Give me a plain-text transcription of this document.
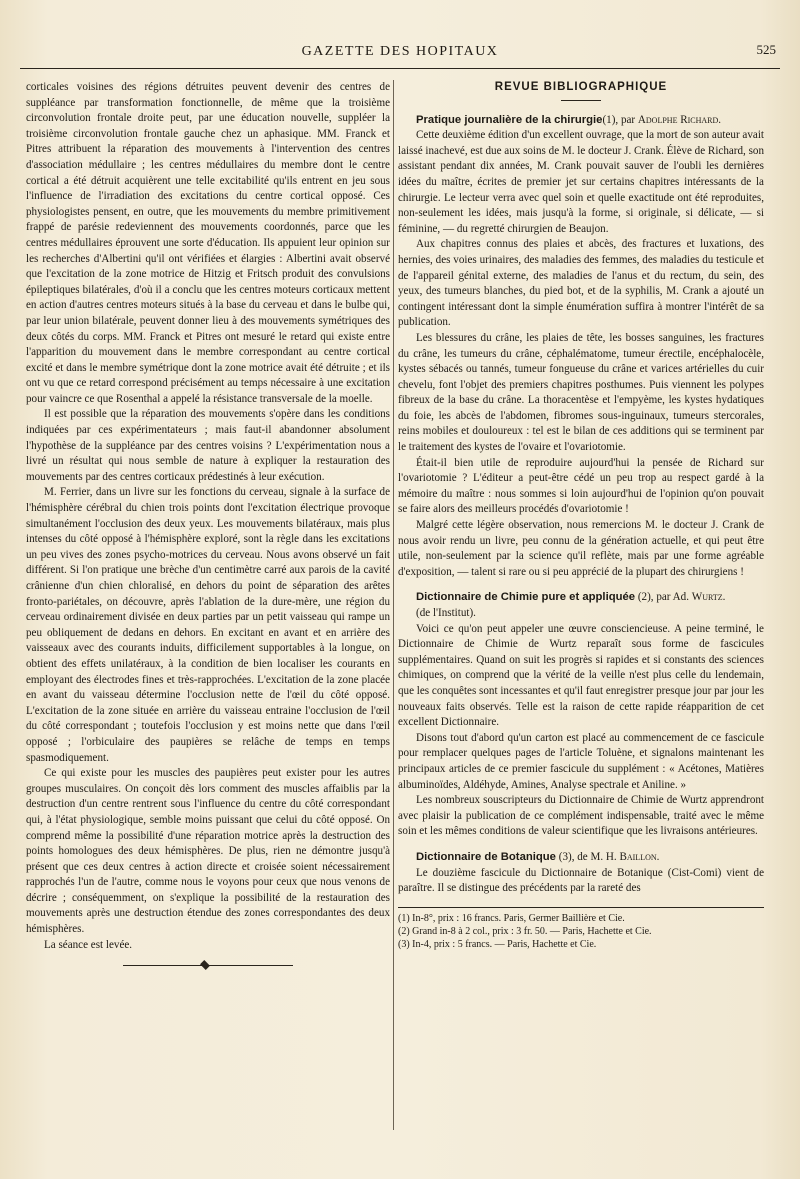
GAZETTE DES HOPITAUX	525

corticales voisines des régions détruites peuvent devenir des centres de suppléance par transformation fonctionnelle, de même que la troisième circonvolution frontale droite peut, par une éducation nouvelle, suppléer la troisième circonvolution frontale gauche chez un aphasique. MM. Franck et Pitres attribuent la réparation des mouvements à l'intervention des centres d'association médullaire ; les centres médullaires du membre dont le centre cortical a été détruit acquièrent une telle excitabilité qu'ils entrent en jeu sous l'influence de l'irradiation des excitations du centre cortical opposé. Ces physiologistes pensent, en outre, que les mouvements du membre primitivement frappé de parésie redeviennent des mouvements coordonnés, parce que les centres médullaires éprouvent une sorte d'éducation. Ils appuient leur opinion sur les recherches d'Albertini qu'il ont vérifiées et élargies : Albertini avait observé que l'excitation de la zone motrice de Hitzig et Fritsch produit des convulsions épileptiques bilatérales, d'où il a conclu que les centres moteurs corticaux mettent en action d'autres centres moteurs situés à la base du cerveau et dans le bulbe qui, par leur union bilatérale, peuvent donner lieu à des mouvements symétriques des deux côtés du corps. MM. Franck et Pitres ont mesuré le retard qui existe entre l'apparition du mouvement dans le membre correspondant au centre cortical excité et dans le membre symétrique dont la zone motrice avait été détruite ; et ils ont vu que ce retard correspond précisément au temps nécessaire à une excitation pour vaincre ce que Rosenthal a appelé la résistance transversale de la moelle.

Il est possible que la réparation des mouvements s'opère dans les conditions indiquées par ces expérimentateurs ; mais faut-il abandonner absolument l'hypothèse de la suppléance par des centres voisins ? L'expérimentation nous a livré un résultat qui nous semble de nature à expliquer la restauration des mouvements par des centres corticaux prédestinés à leur exécution.

M. Ferrier, dans un livre sur les fonctions du cerveau, signale à la surface de l'hémisphère cérébral du chien trois points dont l'excitation électrique provoque simultanément l'occlusion des deux yeux. Les mouvements bilatéraux, mais plus intenses du côté opposé à l'hémisphère exploré, sont la règle dans les excitations un peu vives des zones psycho-motrices du cerveau. Nous avons observé un fait différent. Si l'on pratique une brèche d'un centimètre carré aux parois de la cavité crânienne d'un chien chloralisé, en dehors du point de séparation des arêtes fronto-pariétales, on découvre, après l'ablation de la dure-mère, une région du cerveau ordinairement divisée en deux parties par un petit vaisseau qui rampe un peu obliquement de dedans en dehors. En excitant en avant et en arrière des vaisseaux avec des courants induits, difficilement supportables à la longue, on obtient des effets unilatéraux, à la condition de bien localiser les courants en employant des électrodes fines et très-rapprochées. L'excitation de la zone placée en avant du vaisseau détermine l'occlusion nette de l'œil du côté opposé. L'excitation de la zone située en arrière du vaisseau entraine l'occlusion de l'œil du côté correspondant ; toutefois l'occlusion y est moins nette que dans l'œil opposé ; l'orbiculaire des paupières se relâche de temps en temps spasmodiquement.

Ce qui existe pour les muscles des paupières peut exister pour les autres groupes musculaires. On conçoit dès lors comment des muscles affaiblis par la destruction d'un centre rentrent sous l'influence du centre du côté correspondant qui, à l'état physiologique, semble moins puissant que celui du côté opposé. On comprend même la possibilité d'une réparation motrice après la destruction des points homologues des deux hémisphères. De plus, rien ne démontre jusqu'à présent que ces deux centres à action directe et croisée soient nécessairement rapprochés l'un de l'autre, comme nous le voyons pour ceux que nous venons de décrire ; conséquemment, on s'explique la possibilité de la restauration des mouvements après une destruction étendue des zones correspondantes des deux hémisphères.

La séance est levée.

REVUE BIBLIOGRAPHIQUE

Pratique journalière de la chirurgie(1), par Adolphe Richard.

Cette deuxième édition d'un excellent ouvrage, que la mort de son auteur avait laissé inachevé, est due aux soins de M. le docteur J. Crank. Élève de Richard, son assistant pendant dix années, M. Crank pouvait sauver de l'oubli les dernières idées du maître, écrites de premier jet sur certains chapitres intéressants de la chirurgie. Le lecteur verra avec quel soin et quelle exactitude ont été reproduites, non-seulement les idées, mais jusqu'à la forme, si originale, si délicate, — si féminine, — du regretté chirurgien de Beaujon.

Aux chapitres connus des plaies et abcès, des fractures et luxations, des hernies, des voies urinaires, des maladies des femmes, des maladies du testicule et de l'appareil génital externe, des maladies de l'anus et du rectum, du sein, des yeux, des tumeurs blanches, du pied bot, et de la syphilis, M. Crank a ajouté un contingent intéressant dont la simple énumération suffira à montrer l'intérêt de sa publication.

Les blessures du crâne, les plaies de tête, les bosses sanguines, les fractures du crâne, les tumeurs du crâne, céphalématome, tumeur érectile, encéphalocèle, kystes sébacés ou tannés, tumeur fongueuse du crâne et varices artérielles du cuir chevelu, font l'objet des premiers chapitres posthumes. Puis viennent les polypes fibreux de la base du crâne. La thoracentèse et l'empyème, les kystes hydatiques du foie, les abcès de l'abdomen, fibromes sous-inguinaux, tumeurs stercorales, reins mobiles et douloureux : tel est le bilan de ces additions qui se terminent par le traitement des kystes de l'ovaire et l'ovariotomie.

Était-il bien utile de reproduire aujourd'hui la pensée de Richard sur l'ovariotomie ? L'éditeur a peut-être cédé un peu trop au respect gardé à la mémoire du maître : nous sommes si loin aujourd'hui de l'opinion qu'on pouvait se faire alors des meilleurs procédés d'ovariotomie !

Malgré cette légère observation, nous remercions M. le docteur J. Crank de nous avoir rendu un livre, peu connu de la génération actuelle, et qui peut être utile, non-seulement par la science qu'il reflète, mais par une forme agréable d'exposition, — talent si rare ou si peu apprécié de la plupart des chirurgiens !

Dictionnaire de Chimie pure et appliquée (2), par Ad. Wurtz.

(de l'Institut).

Voici ce qu'on peut appeler une œuvre consciencieuse. A peine terminé, le Dictionnaire de Chimie de Wurtz reparaît sous forme de fascicules supplémentaires. Quand on suit les progrès si rapides et si constants des sciences chimiques, on comprend que la vérité de la veille n'est plus celle du lendemain, que les conquêtes sont incessantes et qu'il faut enregistrer presque jour par jour les nouveaux faits observés. Telle est la raison de cette rapide réapparition de cet excellent Dictionnaire.

Disons tout d'abord qu'un carton est placé au commencement de ce fascicule pour remplacer quelques pages de l'article Toluène, et signalons maintenant les principaux articles de ce premier fascicule du supplément : « Acétones, Matières albuminoïdes, Aldéhyde, Amines, Analyse spectrale et Aniline. »

Les nombreux souscripteurs du Dictionnaire de Chimie de Wurtz apprendront avec plaisir la publication de ce complément indispensable, traité avec le même soin et les mêmes conditions de valeur scientifique que les livraisons antérieures.

Dictionnaire de Botanique (3), de M. H. Baillon.

Le douzième fascicule du Dictionnaire de Botanique (Cist-Comi) vient de paraître. Il se distingue des précédents par la rareté des

(1) In-8°, prix : 16 francs. Paris, Germer Baillière et Cie.

(2) Grand in-8 à 2 col., prix : 3 fr. 50. — Paris, Hachette et Cie.

(3) In-4, prix : 5 francs. — Paris, Hachette et Cie.
